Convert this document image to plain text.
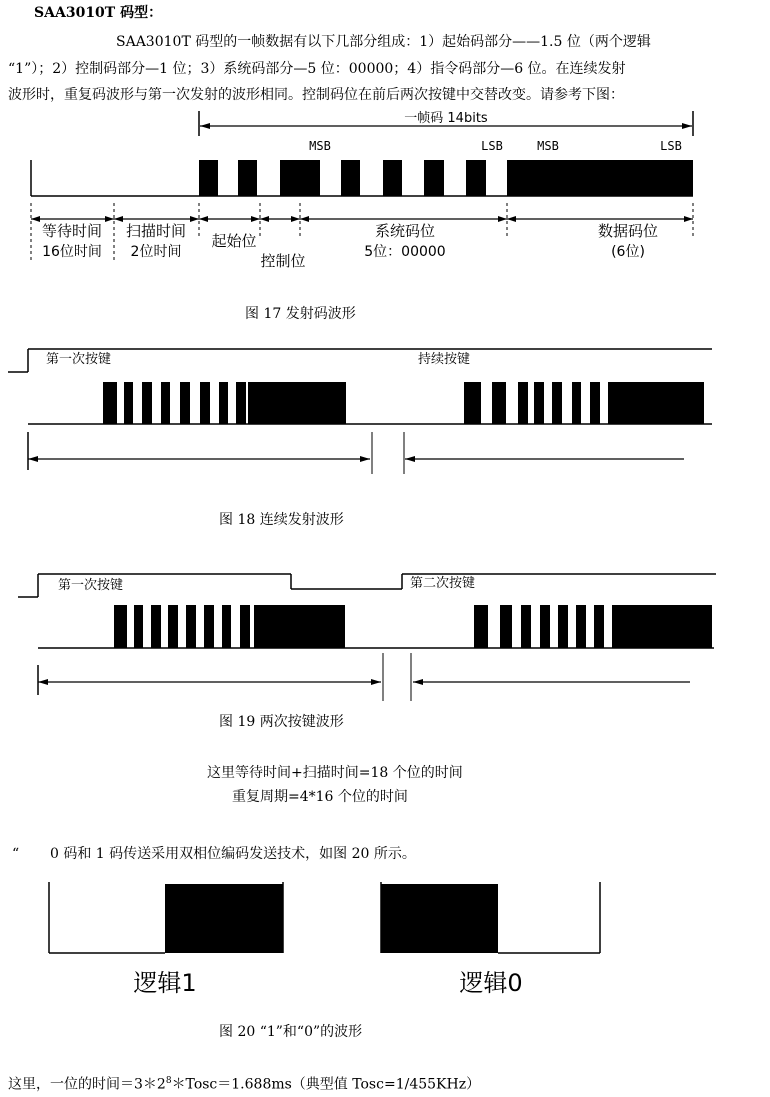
SAA3010T 码型：
SAA3010T 码型的一帧数据有以下几部分组成：1）起始码部分——1.5 位（两个逻辑
“1”）；2）控制码部分—1 位；3）系统码部分—5 位：00000；4）指令码部分—6 位。在连续发射
波形时，重复码波形与第一次发射的波形相同。控制码位在前后两次按键中交替改变。请参考下图：
一帧码 14bits
MSB	LSB	MSB	LSB
等待时间
16位时间
扫描时间
2位时间
起始位
控制位
系统码位
5位：00000
数据码位
(6位)
图 17 发射码波形
第一次按键	持续按键
图 18 连续发射波形
第一次按键	第二次按键
图 19 两次按键波形
这里等待时间+扫描时间=18 个位的时间
重复周期=4*16 个位的时间
“ 0 码和 1 码传送采用双相位编码发送技术，如图 20 所示。
逻辑1	逻辑0
图 20 “1”和“0”的波形
这里，一位的时间$=3*2^8*Tosc=1.688ms$（典型值 Tosc=1/455KHz）
